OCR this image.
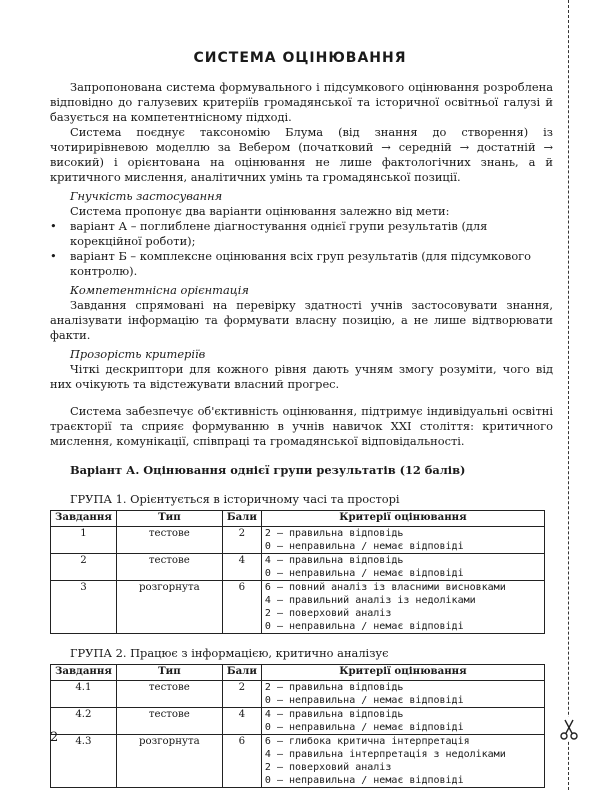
СИСТЕМА ОЦІНЮВАННЯ

Запропонована система формувального і підсумкового оцінювання розроблена відповідно до галузевих критеріїв громадянської та історичної освітньої галузі й базується на компетентнісному підході.

Система поєднує таксономію Блума (від знання до створення) із чотирирівневою моделлю за Вебером (початковий → середній → достатній → високий) і орієнтована на оцінювання не лише фактологічних знань, а й критичного мислення, аналітичних умінь та громадянської позиції.

Гнучкість застосування

Система пропонує два варіанти оцінювання залежно від мети:

• варіант А – поглиблене діагностування однієї групи результатів (для корекційної роботи);
• варіант Б – комплексне оцінювання всіх груп результатів (для підсумкового контролю).
Компетентнісна орієнтація

Завдання спрямовані на перевірку здатності учнів застосовувати знання, аналізувати інформацію та формувати власну позицію, а не лише відтворювати факти.

Прозорість критеріїв

Чіткі дескриптори для кожного рівня дають учням змогу розуміти, чого від них очікують та відстежувати власний прогрес.

Система забезпечує об'єктивність оцінювання, підтримує індивідуальні освітні траєкторії та сприяє формуванню в учнів навичок XXI століття: критичного мислення, комунікації, співпраці та громадянської відповідальності.

Варіант А. Оцінювання однієї групи результатів (12 балів)
ГРУПА 1. Орієнтується в історичному часі та просторі
Завдання	Тип	Бали	Критерії оцінювання
1	тестове	2	2 – правильна відповідь
0 – неправильна / немає відповіді

2	тестове	4	4 – правильна відповідь
0 – неправильна / немає відповіді

3	розгорнута	6	6 – повний аналіз із власними висновками
4 – правильний аналіз із недоліками
2 – поверховий аналіз
0 – неправильна / немає відповіді
ГРУПА 2. Працює з інформацією, критично аналізує
Завдання	Тип	Бали	Критерії оцінювання
4.1	тестове	2	2 – правильна відповідь
0 – неправильна / немає відповіді

4.2	тестове	4	4 – правильна відповідь
0 – неправильна / немає відповіді

4.3	розгорнута	6	6 – глибока критична інтерпретація
4 – правильна інтерпретація з недоліками
2 – поверховий аналіз
0 – неправильна / немає відповіді
2
